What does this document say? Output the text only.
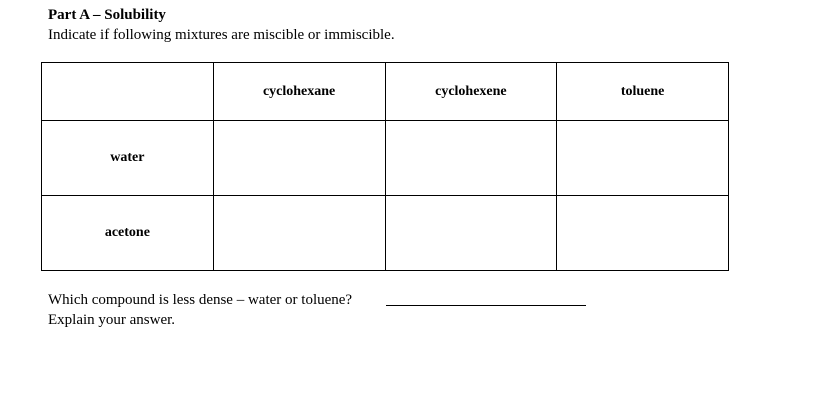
Part A – Solubility
Indicate if following mixtures are miscible or immiscible.
	cyclohexane	cyclohexene	toluene
water			
acetone			
Which compound is less dense – water or toluene?
Explain your answer.
